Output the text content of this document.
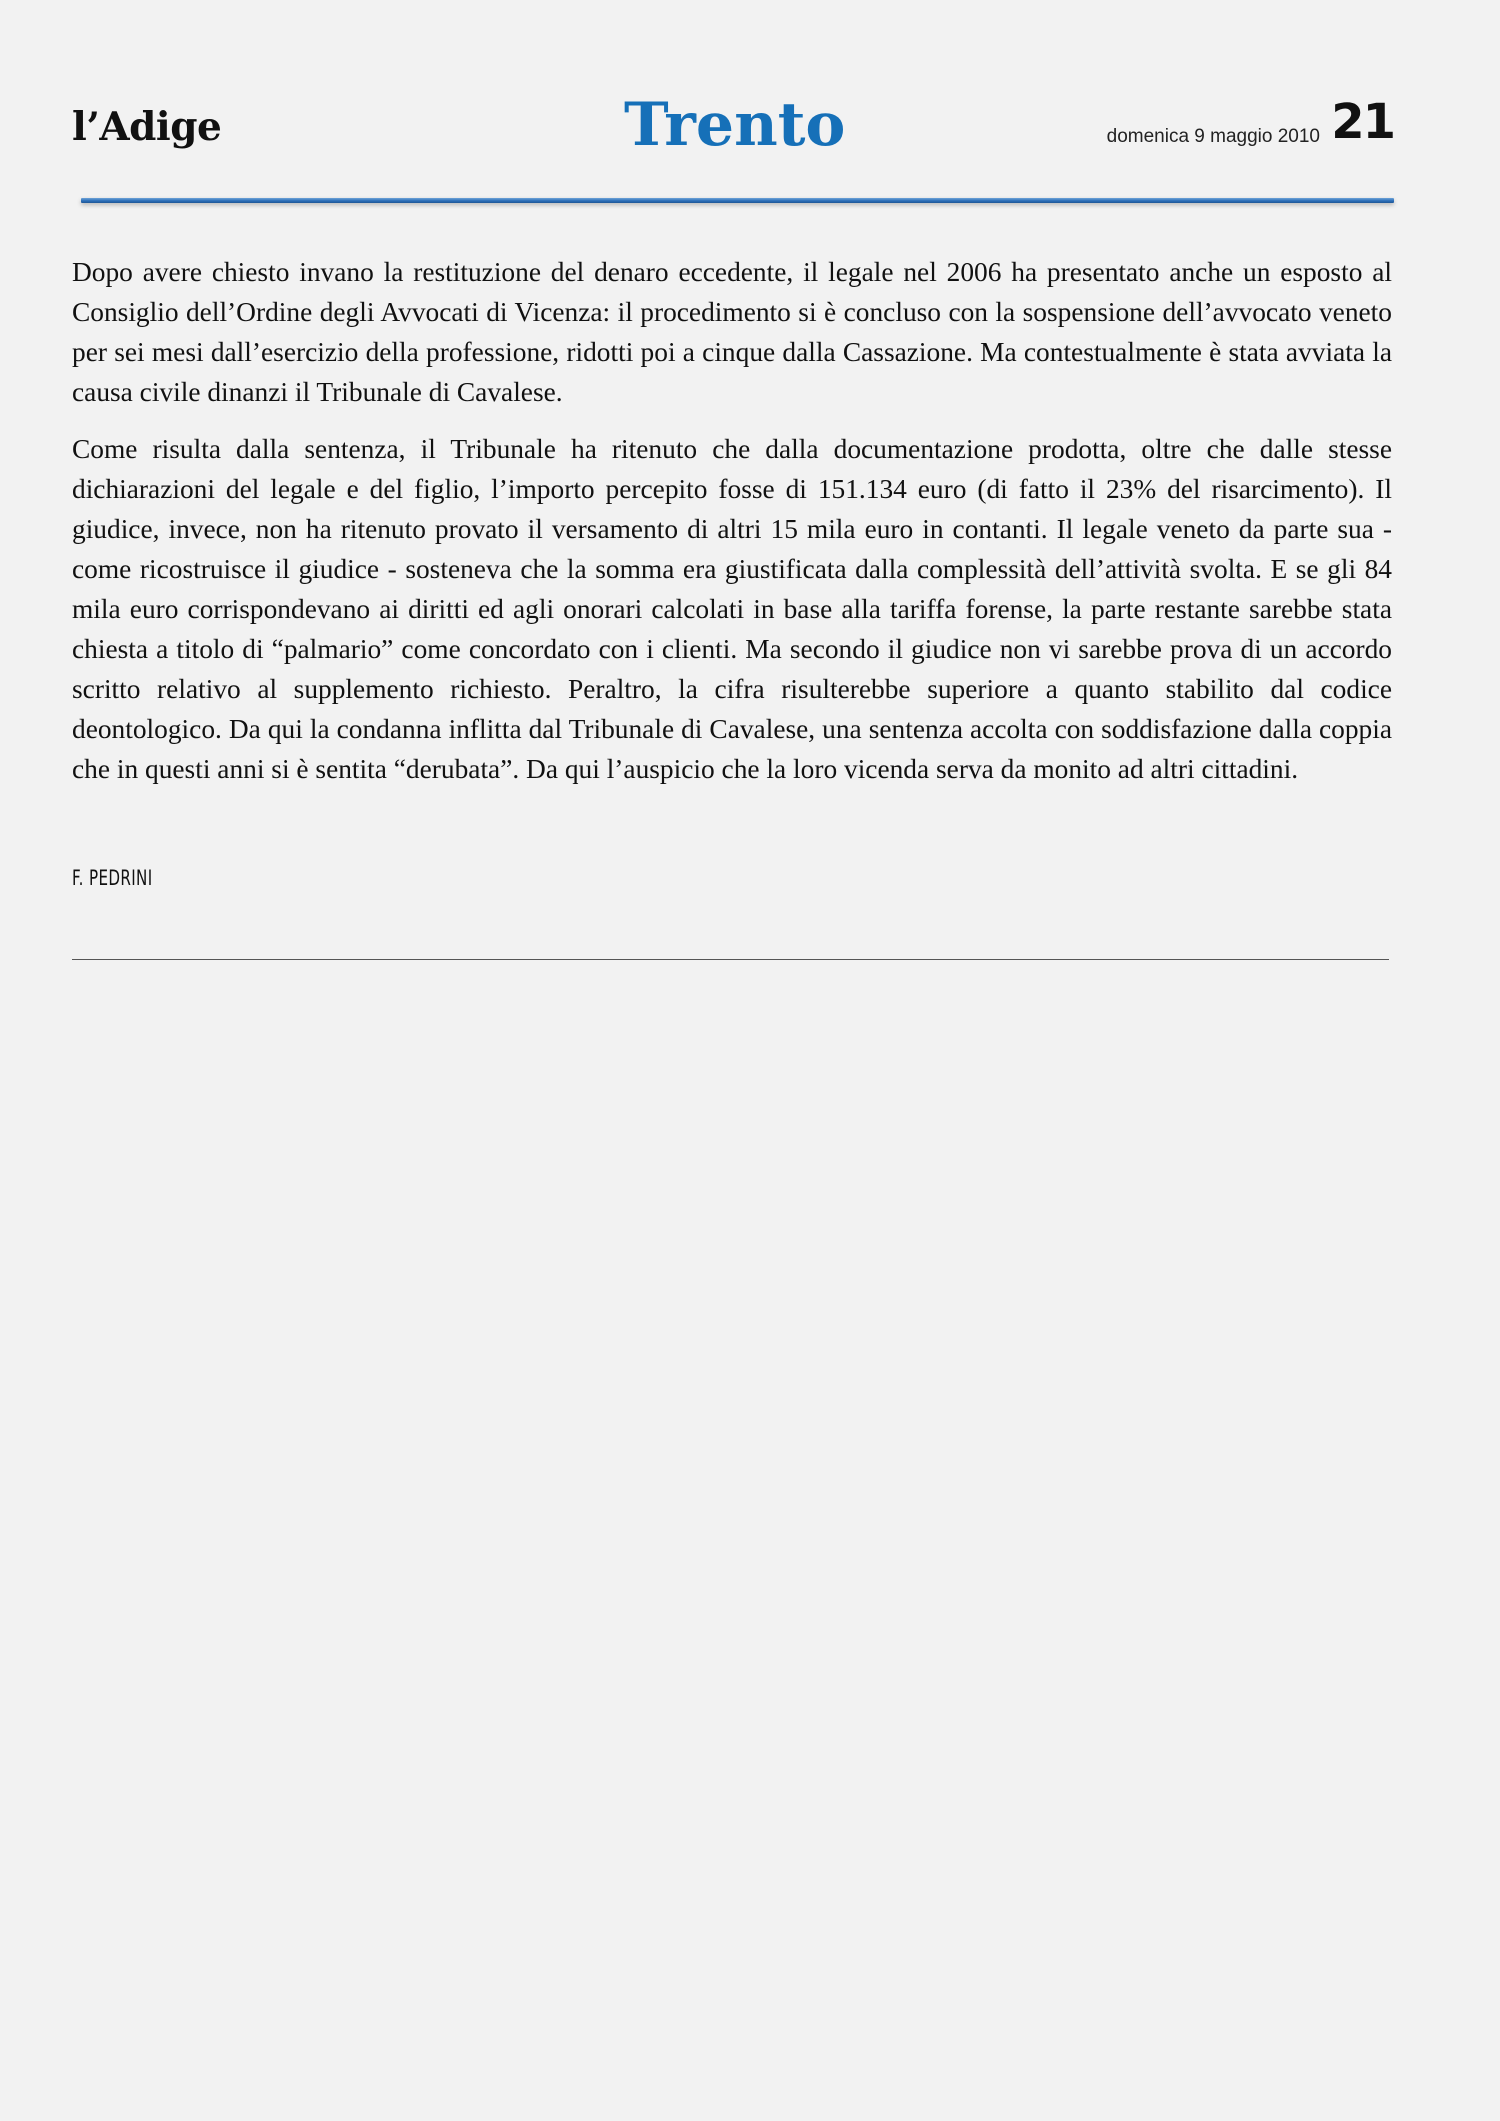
l’Adige	Trento	domenica 9 maggio 2010 21

Dopo avere chiesto invano la restituzione del denaro eccedente, il legale nel 2006 ha presentato anche un esposto al Consiglio dell’Ordine degli Avvocati di Vicenza: il procedimento si è concluso con la sospensione dell’avvocato veneto per sei mesi dall’esercizio della professione, ridotti poi a cinque dalla Cassazione. Ma contestualmente è stata avviata la causa civile dinanzi il Tribunale di Cavalese.

Come risulta dalla sentenza, il Tribunale ha ritenuto che dalla documentazione prodotta, oltre che dalle stesse dichiarazioni del legale e del figlio, l’importo percepito fosse di 151.134 euro (di fatto il 23% del risarcimento). Il giudice, invece, non ha ritenuto provato il versamento di altri 15 mila euro in contanti. Il legale veneto da parte sua - come ricostruisce il giudice - sosteneva che la somma era giustificata dalla complessità dell’attività svolta. E se gli 84 mila euro corrispondevano ai diritti ed agli onorari calcolati in base alla tariffa forense, la parte restante sarebbe stata chiesta a titolo di “palmario” come concordato con i clienti. Ma secondo il giudice non vi sarebbe prova di un accordo scritto relativo al supplemento richiesto. Peraltro, la cifra risulterebbe superiore a quanto stabilito dal codice deontologico. Da qui la condanna inflitta dal Tribunale di Cavalese, una sentenza accolta con soddisfazione dalla coppia che in questi anni si è sentita “derubata”. Da qui l’auspicio che la loro vicenda serva da monito ad altri cittadini.

F. PEDRINI
